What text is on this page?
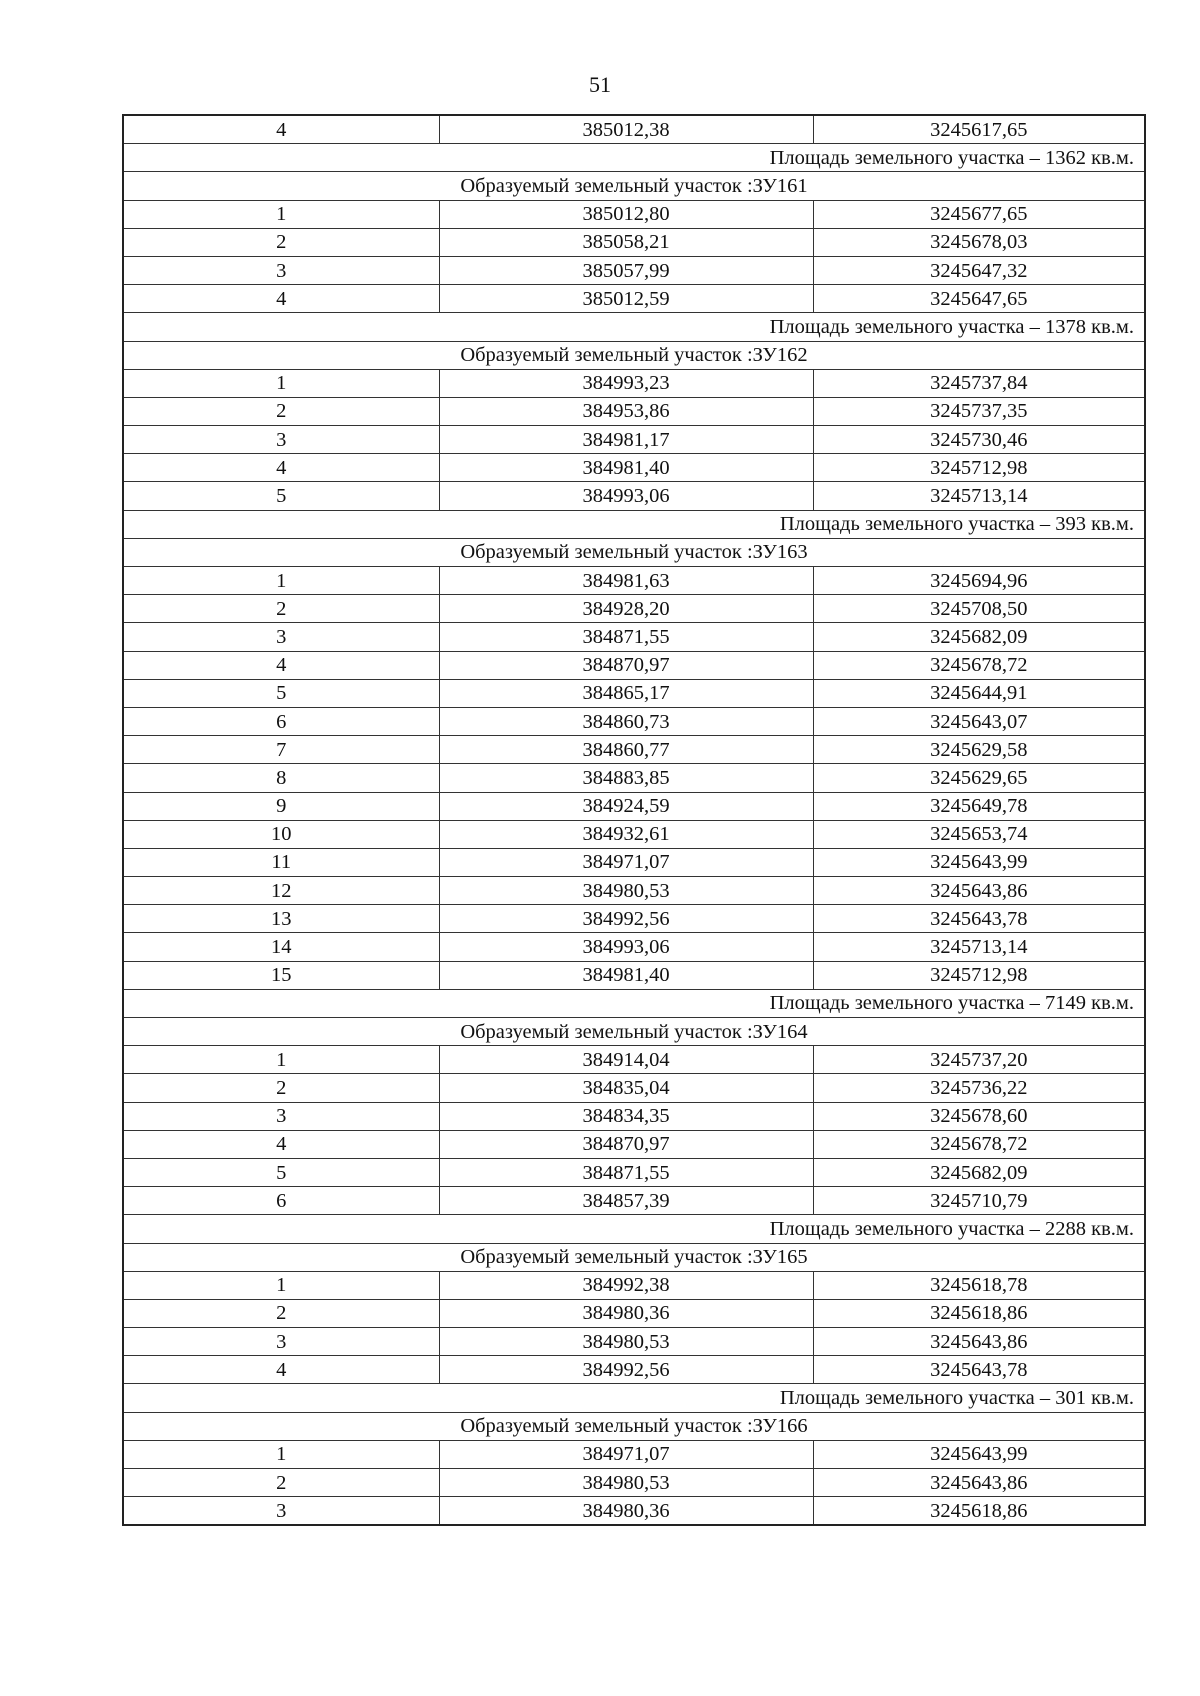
51
4	385012,38	3245617,65
Площадь земельного участка – 1362 кв.м.		
Образуемый земельный участок :ЗУ161		
1	385012,80	3245677,65
2	385058,21	3245678,03
3	385057,99	3245647,32
4	385012,59	3245647,65
Площадь земельного участка – 1378 кв.м.		
Образуемый земельный участок :ЗУ162		
1	384993,23	3245737,84
2	384953,86	3245737,35
3	384981,17	3245730,46
4	384981,40	3245712,98
5	384993,06	3245713,14
Площадь земельного участка – 393 кв.м.		
Образуемый земельный участок :ЗУ163		
1	384981,63	3245694,96
2	384928,20	3245708,50
3	384871,55	3245682,09
4	384870,97	3245678,72
5	384865,17	3245644,91
6	384860,73	3245643,07
7	384860,77	3245629,58
8	384883,85	3245629,65
9	384924,59	3245649,78
10	384932,61	3245653,74
11	384971,07	3245643,99
12	384980,53	3245643,86
13	384992,56	3245643,78
14	384993,06	3245713,14
15	384981,40	3245712,98
Площадь земельного участка – 7149 кв.м.		
Образуемый земельный участок :ЗУ164		
1	384914,04	3245737,20
2	384835,04	3245736,22
3	384834,35	3245678,60
4	384870,97	3245678,72
5	384871,55	3245682,09
6	384857,39	3245710,79
Площадь земельного участка – 2288 кв.м.		
Образуемый земельный участок :ЗУ165		
1	384992,38	3245618,78
2	384980,36	3245618,86
3	384980,53	3245643,86
4	384992,56	3245643,78
Площадь земельного участка – 301 кв.м.		
Образуемый земельный участок :ЗУ166		
1	384971,07	3245643,99
2	384980,53	3245643,86
3	384980,36	3245618,86
